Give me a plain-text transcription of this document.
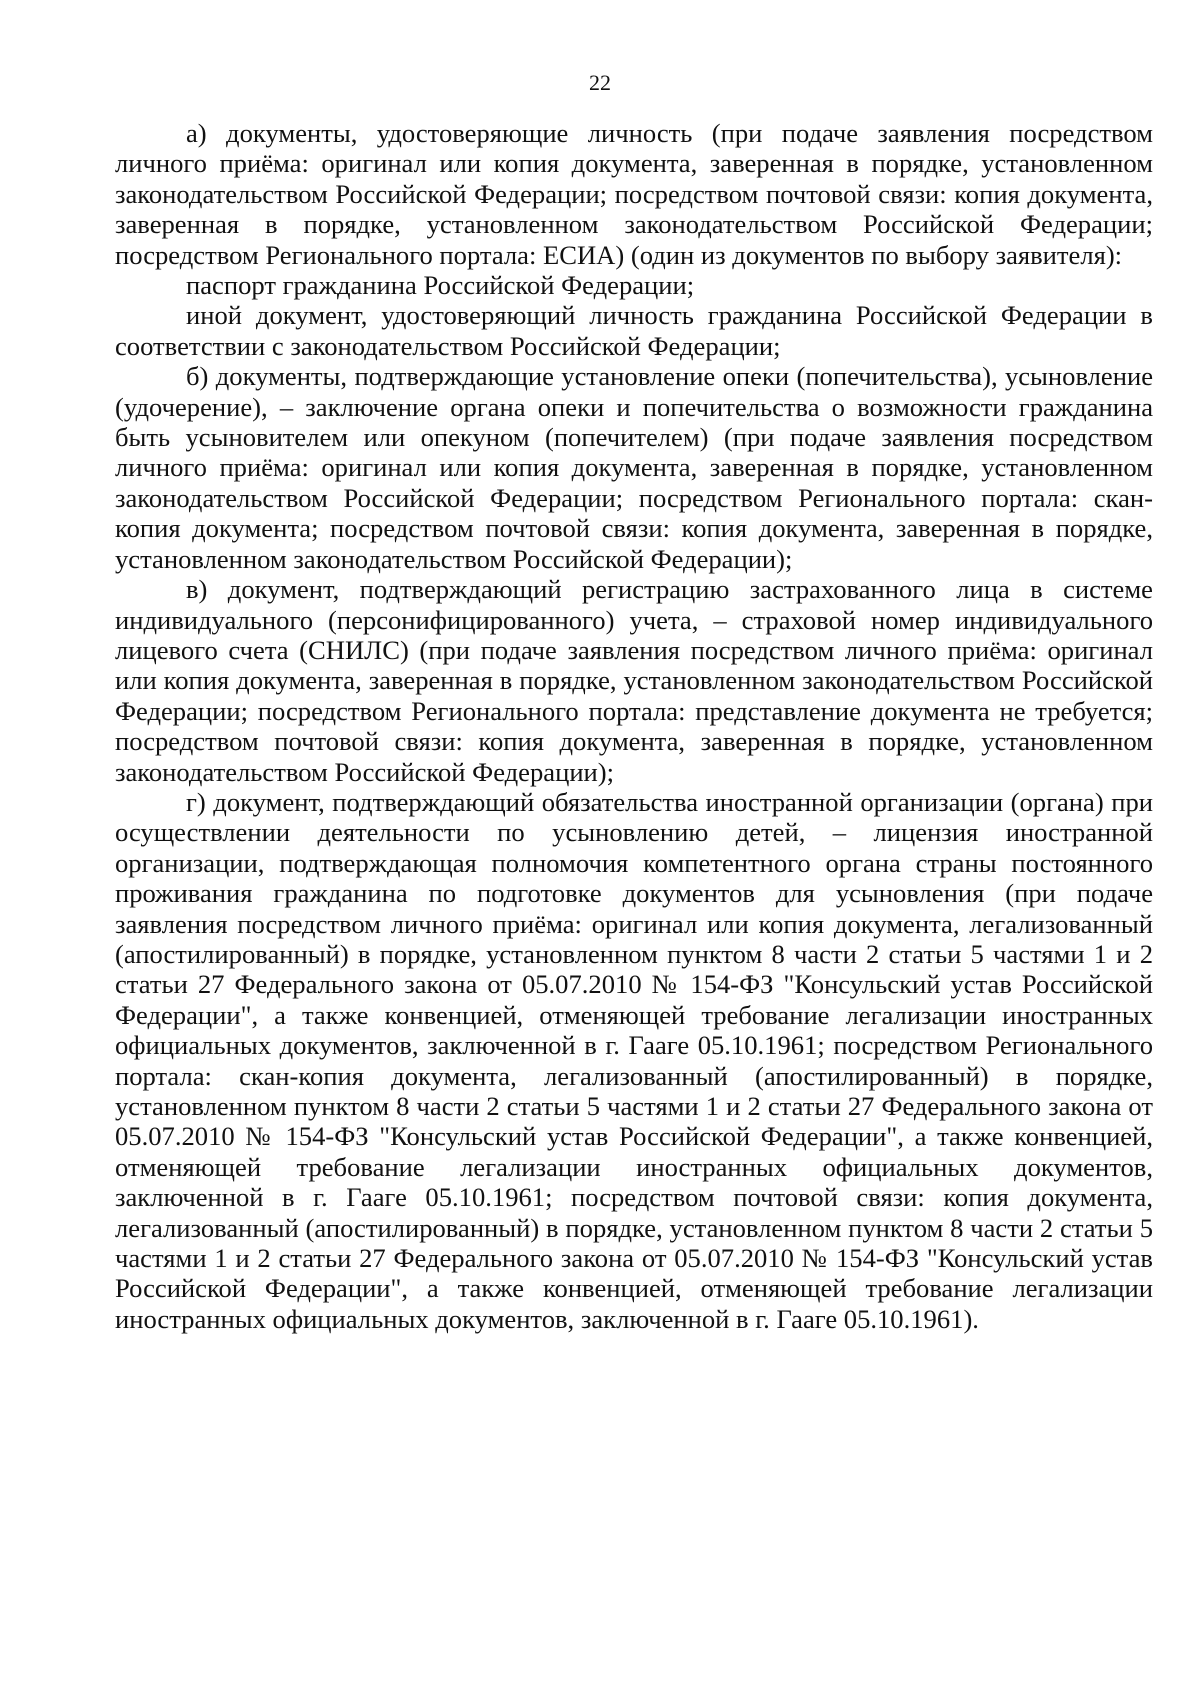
22

а) документы, удостоверяющие личность (при подаче заявления посредством личного приёма: оригинал или копия документа, заверенная в порядке, установленном законодательством Российской Федерации; посредством почтовой связи: копия документа, заверенная в порядке, установленном законодательством Российской Федерации; посредством Регионального портала: ЕСИА) (один из документов по выбору заявителя):

паспорт гражданина Российской Федерации;

иной документ, удостоверяющий личность гражданина Российской Федерации в соответствии с законодательством Российской Федерации;

б) документы, подтверждающие установление опеки (попечительства), усыновление (удочерение), – заключение органа опеки и попечительства о возможности гражданина быть усыновителем или опекуном (попечителем) (при подаче заявления посредством личного приёма: оригинал или копия документа, заверенная в порядке, установленном законодательством Российской Федерации; посредством Регионального портала: скан-копия документа; посредством почтовой связи: копия документа, заверенная в порядке, установленном законодательством Российской Федерации);

в) документ, подтверждающий регистрацию застрахованного лица в системе индивидуального (персонифицированного) учета, – страховой номер индивидуального лицевого счета (СНИЛС) (при подаче заявления посредством личного приёма: оригинал или копия документа, заверенная в порядке, установленном законодательством Российской Федерации; посредством Регионального портала: представление документа не требуется; посредством почтовой связи: копия документа, заверенная в порядке, установленном законодательством Российской Федерации);

г) документ, подтверждающий обязательства иностранной организации (органа) при осуществлении деятельности по усыновлению детей, – лицензия иностранной организации, подтверждающая полномочия компетентного органа страны постоянного проживания гражданина по подготовке документов для усыновления (при подаче заявления посредством личного приёма: оригинал или копия документа, легализованный (апостилированный) в порядке, установленном пунктом 8 части 2 статьи 5 частями 1 и 2 статьи 27 Федерального закона от 05.07.2010 № 154-ФЗ "Консульский устав Российской Федерации", а также конвенцией, отменяющей требование легализации иностранных официальных документов, заключенной в г. Гааге 05.10.1961; посредством Регионального портала: скан-копия документа, легализованный (апостилированный) в порядке, установленном пунктом 8 части 2 статьи 5 частями 1 и 2 статьи 27 Федерального закона от 05.07.2010 № 154-ФЗ "Консульский устав Российской Федерации", а также конвенцией, отменяющей требование легализации иностранных официальных документов, заключенной в г. Гааге 05.10.1961; посредством почтовой связи: копия документа, легализованный (апостилированный) в порядке, установленном пунктом 8 части 2 статьи 5 частями 1 и 2 статьи 27 Федерального закона от 05.07.2010 № 154-ФЗ "Консульский устав Российской Федерации", а также конвенцией, отменяющей требование легализации иностранных официальных документов, заключенной в г. Гааге 05.10.1961).
